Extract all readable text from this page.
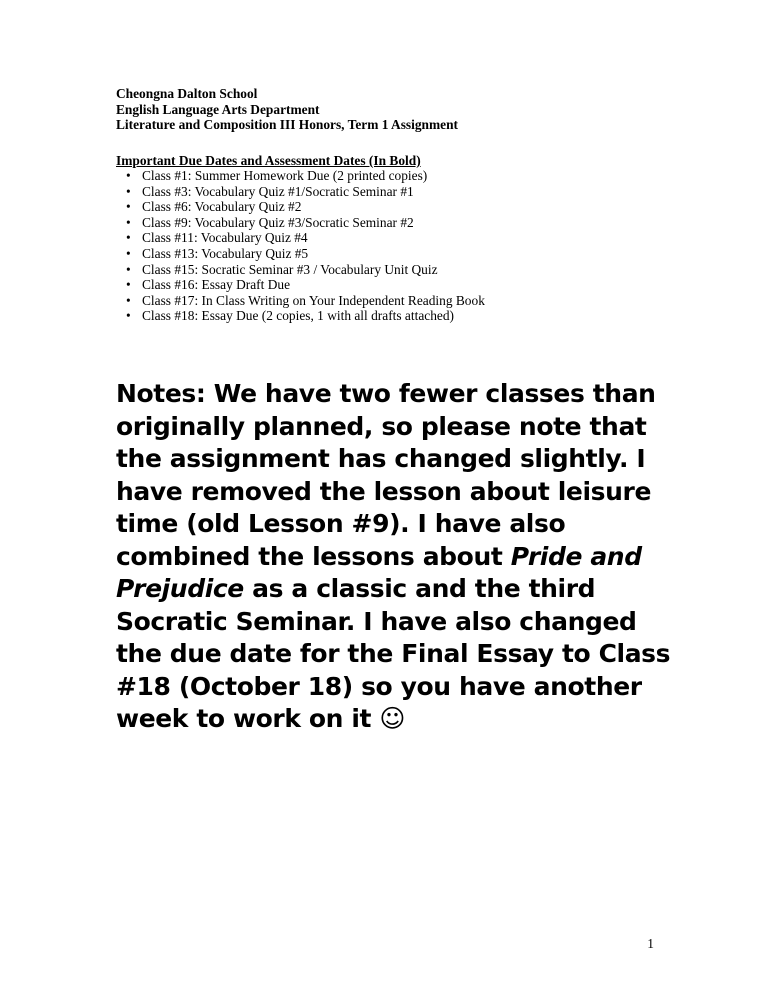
Cheongna Dalton School
English Language Arts Department
Literature and Composition III Honors, Term 1 Assignment
Important Due Dates and Assessment Dates (In Bold)
• Class #1: Summer Homework Due (2 printed copies)
• Class #3: Vocabulary Quiz #1/Socratic Seminar #1
• Class #6: Vocabulary Quiz #2
• Class #9: Vocabulary Quiz #3/Socratic Seminar #2
• Class #11: Vocabulary Quiz #4
• Class #13: Vocabulary Quiz #5
• Class #15: Socratic Seminar #3 / Vocabulary Unit Quiz
• Class #16: Essay Draft Due
• Class #17: In Class Writing on Your Independent Reading Book
• Class #18: Essay Due (2 copies, 1 with all drafts attached)
Notes: We have two fewer classes than
originally planned, so please note that
the assignment has changed slightly. I
have removed the lesson about leisure
time (old Lesson #9). I have also
combined the lessons about Pride and
Prejudice as a classic and the third
Socratic Seminar. I have also changed
the due date for the Final Essay to Class
#18 (October 18) so you have another
week to work on it ☺
1
